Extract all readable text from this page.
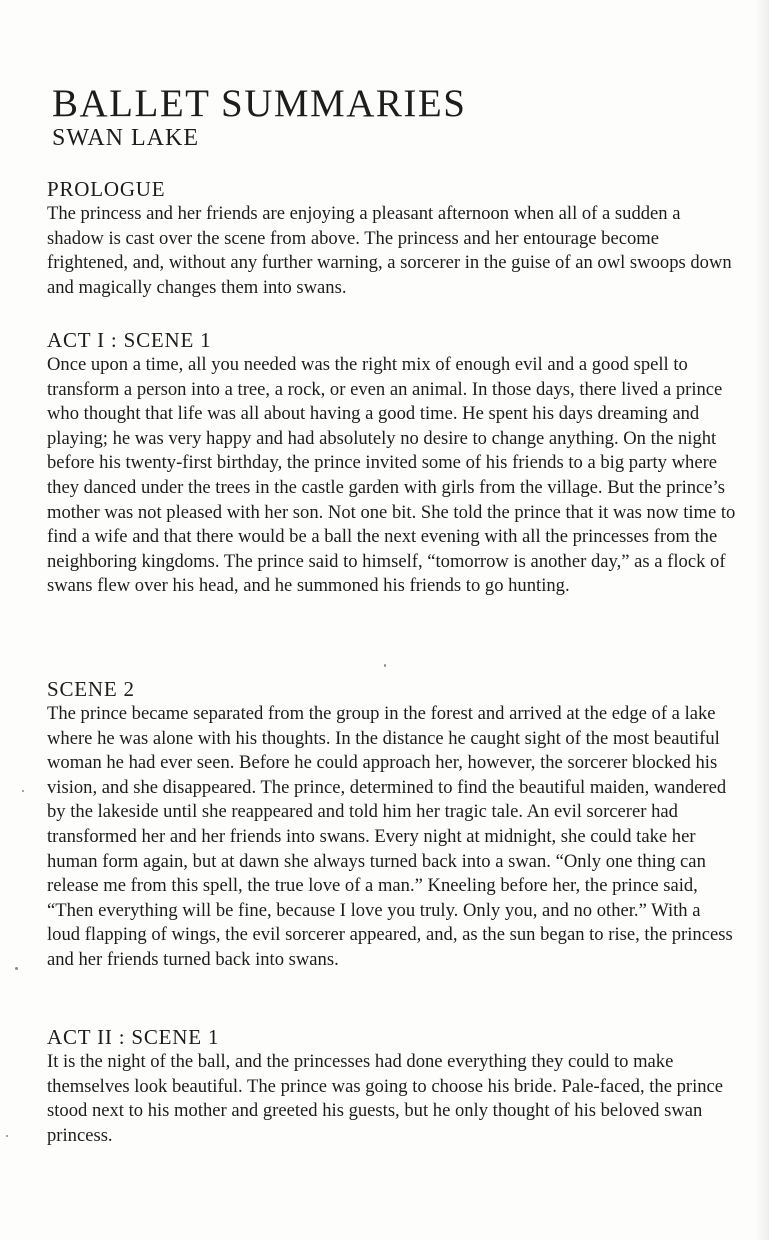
BALLET SUMMARIES
SWAN LAKE
PROLOGUE

The princess and her friends are enjoying a pleasant afternoon when all of a sudden a shadow is cast over the scene from above. The princess and her entourage become frightened, and, without any further warning, a sorcerer in the guise of an owl swoops down and magically changes them into swans.

ACT I : SCENE 1

Once upon a time, all you needed was the right mix of enough evil and a good spell to transform a person into a tree, a rock, or even an animal. In those days, there lived a prince who thought that life was all about having a good time. He spent his days dreaming and playing; he was very happy and had absolutely no desire to change anything. On the night before his twenty-first birthday, the prince invited some of his friends to a big party where they danced under the trees in the castle garden with girls from the village. But the prince’s mother was not pleased with her son. Not one bit. She told the prince that it was now time to find a wife and that there would be a ball the next evening with all the princesses from the neighboring kingdoms. The prince said to himself, “tomorrow is another day,” as a flock of swans flew over his head, and he summoned his friends to go hunting.

SCENE 2

The prince became separated from the group in the forest and arrived at the edge of a lake where he was alone with his thoughts. In the distance he caught sight of the most beautiful woman he had ever seen. Before he could approach her, however, the sorcerer blocked his vision, and she disappeared. The prince, determined to find the beautiful maiden, wandered by the lakeside until she reappeared and told him her tragic tale. An evil sorcerer had transformed her and her friends into swans. Every night at midnight, she could take her human form again, but at dawn she always turned back into a swan. “Only one thing can release me from this spell, the true love of a man.” Kneeling before her, the prince said, “Then everything will be fine, because I love you truly. Only you, and no other.” With a loud flapping of wings, the evil sorcerer appeared, and, as the sun began to rise, the princess and her friends turned back into swans.

ACT II : SCENE 1

It is the night of the ball, and the princesses had done everything they could to make themselves look beautiful. The prince was going to choose his bride. Pale-faced, the prince stood next to his mother and greeted his guests, but he only thought of his beloved swan princess.
